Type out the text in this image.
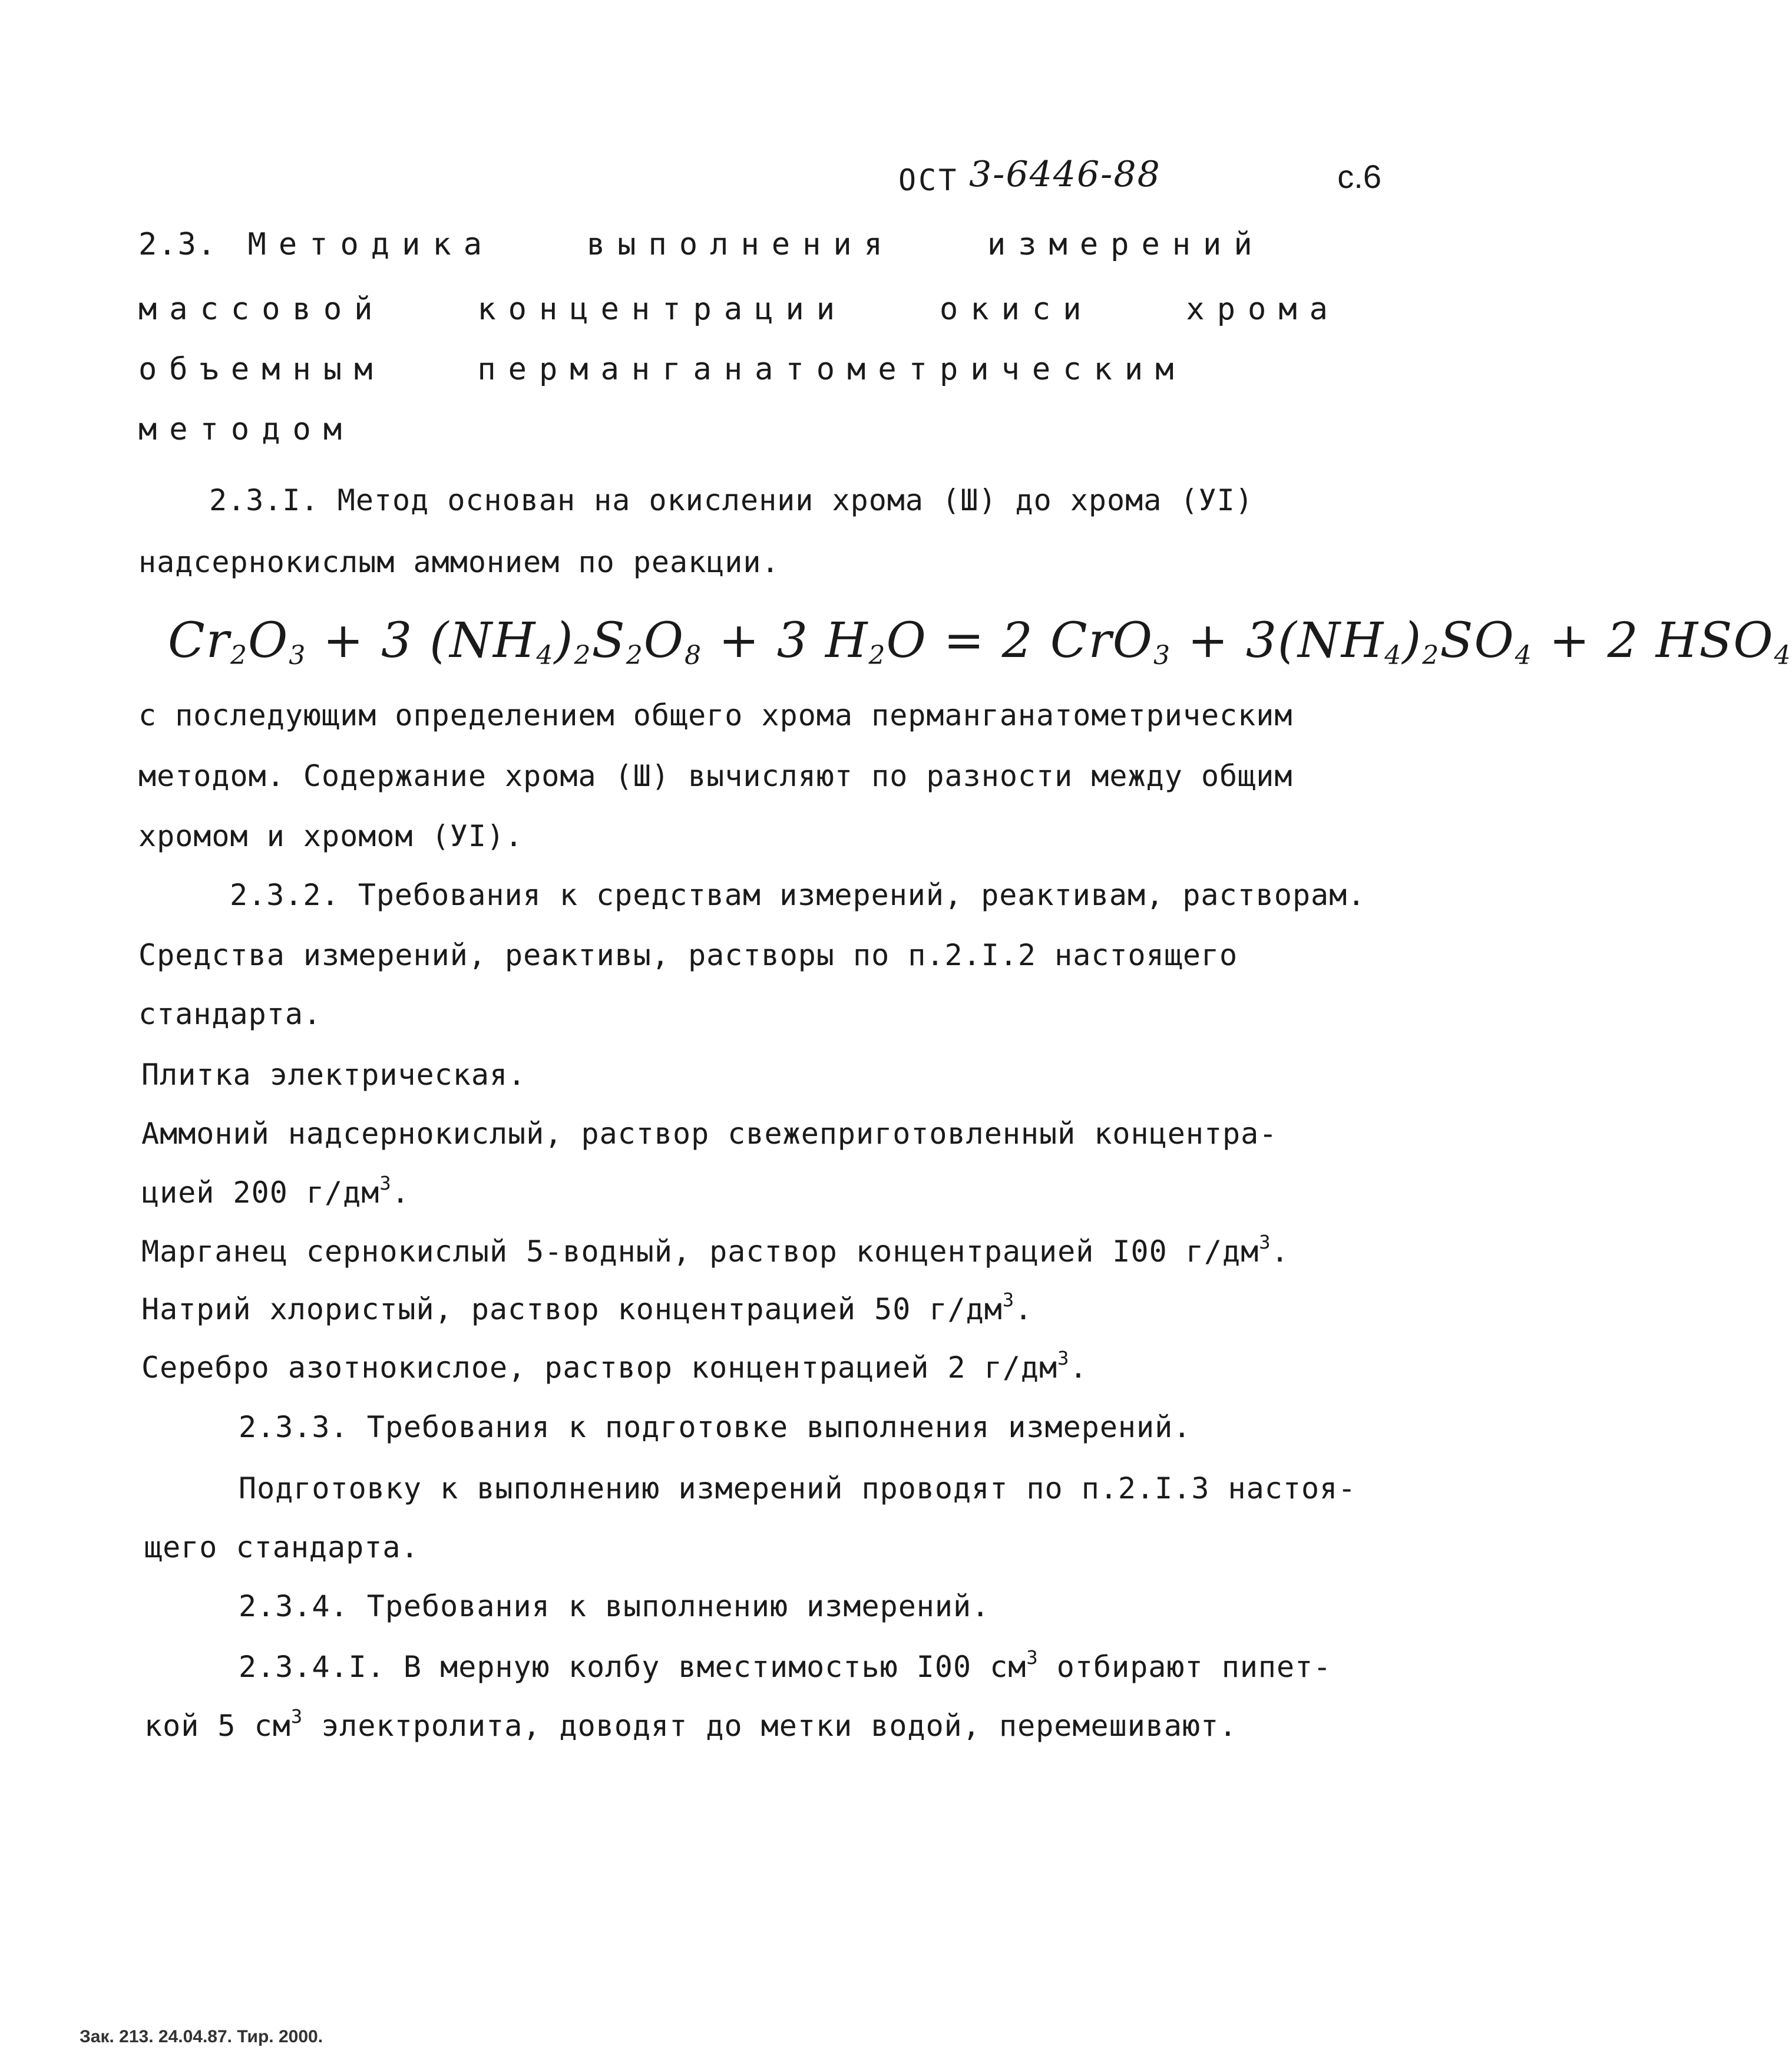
ОСТ 3-6446-88	с.6
2.3. Методика   выполнения   измерений
массовой   концентрации   окиси   хрома
объемным   перманганатометрическим
методом
2.3.I. Метод основан на окислении хрома (Ш) до хрома (УI)
надсернокислым аммонием по реакции.
$Cr_2O_3 + 3$ $(NH_4)_2S_2O_8 + 3$ $H_2O = 2$ $CrO_3 + 3(NH_4)_2SO_4 + 2$ $HSO_4$
с последующим определением общего хрома перманганатометрическим
методом. Содержание хрома (Ш) вычисляют по разности между общим
хромом и хромом (УI).
2.3.2. Требования к средствам измерений, реактивам, растворам.
Средства измерений, реактивы, растворы по п.2.I.2 настоящего
стандарта.
Плитка электрическая.
Аммоний надсернокислый, раствор свежеприготовленный концентра-
цией 200 $г/дм^3$.
Марганец сернокислый 5-водный, раствор концентрацией I00 $г/дм^3$.
Натрий хлористый, раствор концентрацией 50 $г/дм^3$.
Серебро азотнокислое, раствор концентрацией 2 $г/дм^3$.
2.3.3. Требования к подготовке выполнения измерений.
Подготовку к выполнению измерений проводят по п.2.I.3 настоя-
щего стандарта.
2.3.4. Требования к выполнению измерений.
2.3.4.I. В мерную колбу вместимостью I00 $см^3$ отбирают пипет-
кой 5 $см^3$ электролита, доводят до метки водой, перемешивают.
Зак. 213. 24.04.87. Тир. 2000.
